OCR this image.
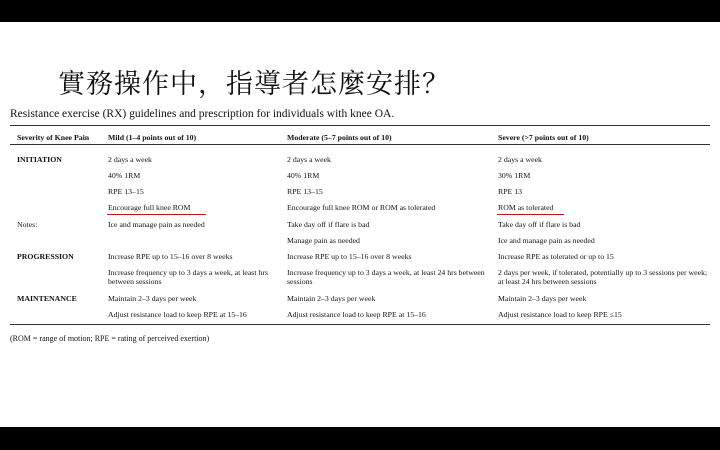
實務操作中，指導者怎麼安排？
Resistance exercise (RX) guidelines and prescription for individuals with knee OA.
Severity of Knee Pain Mild (1–4 points out of 10)	Moderate (5–7 points out of 10)	Severe (>7 points out of 10)
INITIATION
Notes:
PROGRESSION
MAINTENANCE
2 days a week
40% 1RM
RPE 13–15
Encourage full knee ROM
Ice and manage pain as needed
Increase RPE up to 15–16 over 8 weeks
Increase frequency up to 3 days a week, at least hrs between sessions
Maintain 2–3 days per week
Adjust resistance load to keep RPE at 15–16
2 days a week
40% 1RM
RPE 13–15
Encourage full knee ROM or ROM as tolerated
Take day off if flare is bad
Manage pain as needed
Increase RPE up to 15–16 over 8 weeks
Increase frequency up to 3 days a week, at least 24 hrs between sessions
Maintain 2–3 days per week
Adjust resistance load to keep RPE at 15–16
2 days a week
30% 1RM
RPE 13
ROM as tolerated
Take day off if flare is bad
Ice and manage pain as needed
Increase RPE as tolerated or up to 15
2 days per week, if tolerated, potentially up to 3 sessions per week; at least 24 hrs between sessions
Maintain 2–3 days per week
Adjust resistance load to keep RPE ≤15
(ROM = range of motion; RPE = rating of perceived exertion)
